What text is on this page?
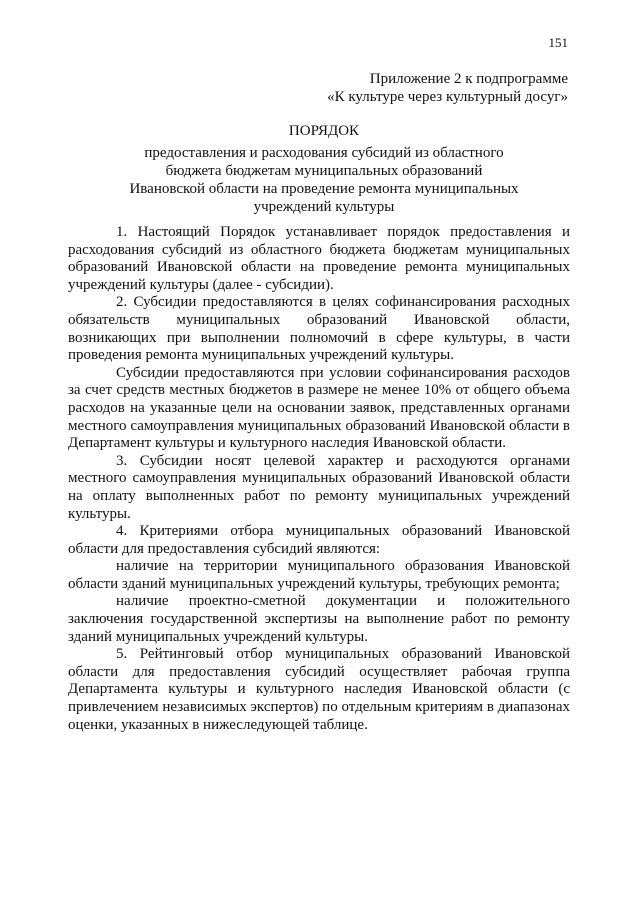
151
Приложение 2 к подпрограмме
«К культуре через культурный досуг»
ПОРЯДОК
предоставления и расходования субсидий из областного
бюджета бюджетам муниципальных образований
Ивановской области на проведение ремонта муниципальных
учреждений культуры

1. Настоящий Порядок устанавливает порядок предоставления и расходования субсидий из областного бюджета бюджетам муниципальных образований Ивановской области на проведение ремонта муниципальных учреждений культуры (далее - субсидии).

2. Субсидии предоставляются в целях софинансирования расходных обязательств муниципальных образований Ивановской области, возникающих при выполнении полномочий в сфере культуры, в части проведения ремонта муниципальных учреждений культуры.

Субсидии предоставляются при условии софинансирования расходов за счет средств местных бюджетов в размере не менее 10% от общего объема расходов на указанные цели на основании заявок, представленных органами местного самоуправления муниципальных образований Ивановской области в Департамент культуры и культурного наследия Ивановской области.

3. Субсидии носят целевой характер и расходуются органами местного самоуправления муниципальных образований Ивановской области на оплату выполненных работ по ремонту муниципальных учреждений культуры.

4. Критериями отбора муниципальных образований Ивановской области для предоставления субсидий являются:

наличие на территории муниципального образования Ивановской области зданий муниципальных учреждений культуры, требующих ремонта;

наличие проектно-сметной документации и положительного заключения государственной экспертизы на выполнение работ по ремонту зданий муниципальных учреждений культуры.

5. Рейтинговый отбор муниципальных образований Ивановской области для предоставления субсидий осуществляет рабочая группа Департамента культуры и культурного наследия Ивановской области (с привлечением независимых экспертов) по отдельным критериям в диапазонах оценки, указанных в нижеследующей таблице.
